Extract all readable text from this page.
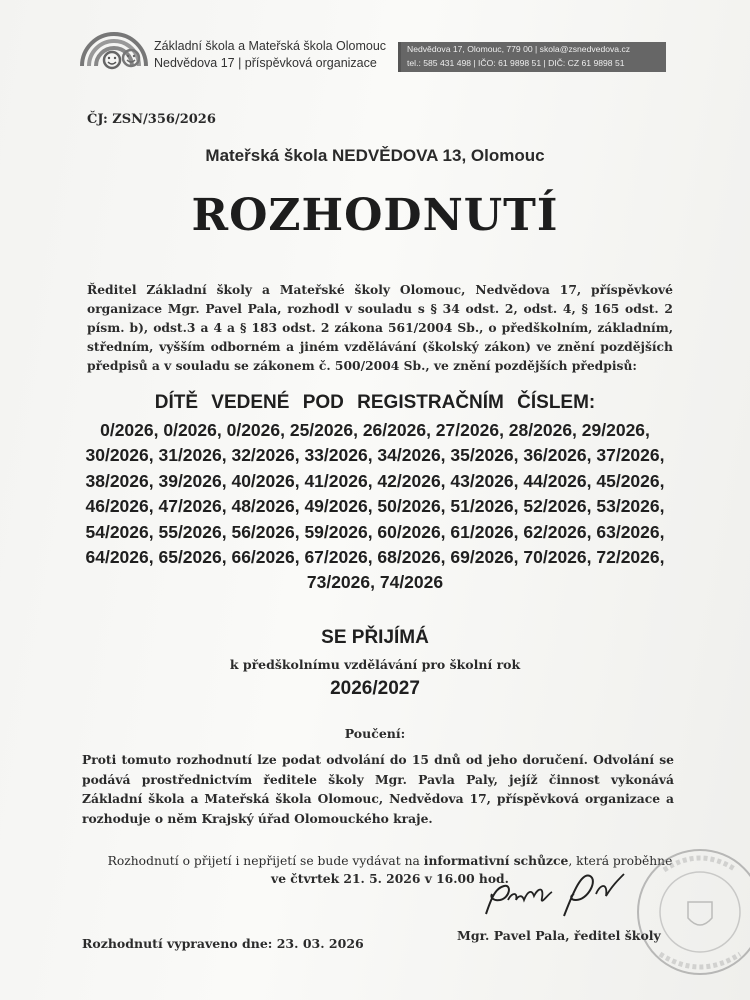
Základní škola a Mateřská škola Olomouc
Nedvědova 17 | příspěvková organizace
Nedvědova 17, Olomouc, 779 00 | skola@zsnedvedova.cz
tel.: 585 431 498 | IČO: 61 9898 51 | DIČ: CZ 61 9898 51
ČJ: ZSN/356/2026
Mateřská škola NEDVĚDOVA 13, Olomouc
ROZHODNUTÍ
Ředitel Základní školy a Mateřské školy Olomouc, Nedvědova 17, příspěvkové organizace Mgr. Pavel Pala, rozhodl v souladu s § 34 odst. 2, odst. 4, § 165 odst. 2 písm. b), odst.3 a 4 a § 183 odst. 2 zákona 561/2004 Sb., o předškolním, základním, středním, vyšším odborném a jiném vzdělávání (školský zákon) ve znění pozdějších předpisů a v souladu se zákonem č. 500/2004 Sb., ve znění pozdějších předpisů:
DÍTĚ VEDENÉ POD REGISTRAČNÍM ČÍSLEM:
0/2026, 0/2026, 0/2026, 25/2026, 26/2026, 27/2026, 28/2026, 29/2026, 30/2026, 31/2026, 32/2026, 33/2026, 34/2026, 35/2026, 36/2026, 37/2026, 38/2026, 39/2026, 40/2026, 41/2026, 42/2026, 43/2026, 44/2026, 45/2026, 46/2026, 47/2026, 48/2026, 49/2026, 50/2026, 51/2026, 52/2026, 53/2026, 54/2026, 55/2026, 56/2026, 59/2026, 60/2026, 61/2026, 62/2026, 63/2026, 64/2026, 65/2026, 66/2026, 67/2026, 68/2026, 69/2026, 70/2026, 72/2026, 73/2026, 74/2026
SE PŘIJÍMÁ
k předškolnímu vzdělávání pro školní rok
2026/2027
Poučení:
Proti tomuto rozhodnutí lze podat odvolání do 15 dnů od jeho doručení. Odvolání se podává prostřednictvím ředitele školy Mgr. Pavla Paly, jejíž činnost vykonává Základní škola a Mateřská škola Olomouc, Nedvědova 17, příspěvková organizace a rozhoduje o něm Krajský úřad Olomouckého kraje.
Rozhodnutí o přijetí i nepřijetí se bude vydávat na informativní schůzce, která proběhne
ve čtvrtek 21. 5. 2026 v 16.00 hod.
Rozhodnutí vypraveno dne: 23. 03. 2026
Mgr. Pavel Pala, ředitel školy
